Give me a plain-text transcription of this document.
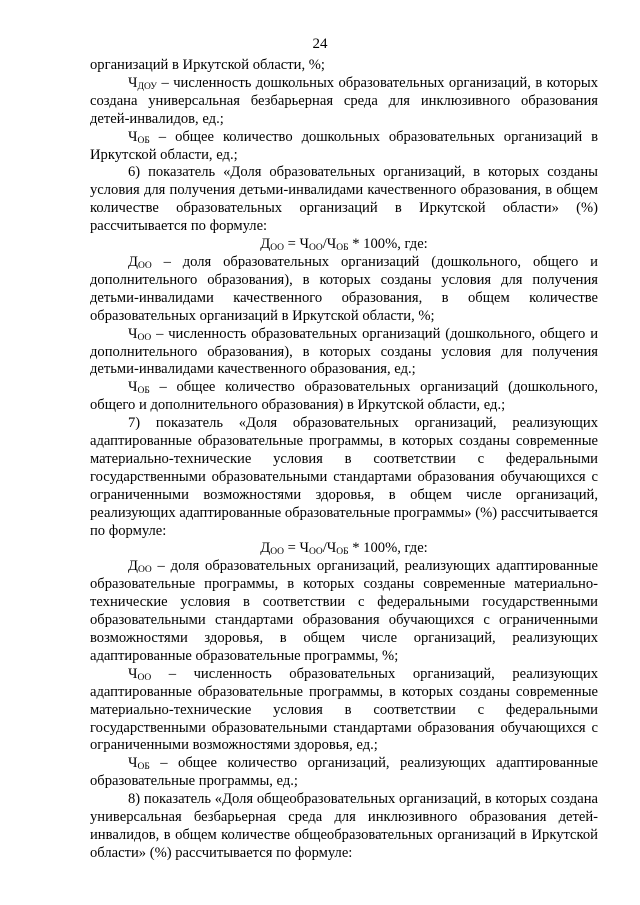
24

организаций в Иркутской области, %;

$Ч_{ДОУ}$ – численность дошкольных образовательных организаций, в которых создана универсальная безбарьерная среда для инклюзивного образования детей-инвалидов, ед.;

$Ч_{ОБ}$ – общее количество дошкольных образовательных организаций в Иркутской области, ед.;

6) показатель «Доля образовательных организаций, в которых созданы условия для получения детьми-инвалидами качественного образования, в общем количестве образовательных организаций в Иркутской области» (%) рассчитывается по формуле:

$Д_{ОО} = Ч_{ОО}/Ч_{ОБ} * 100\%$, где:

$Д_{ОО}$ – доля образовательных организаций (дошкольного, общего и дополнительного образования), в которых созданы условия для получения детьми-инвалидами качественного образования, в общем количестве образовательных организаций в Иркутской области, %;

$Ч_{ОО}$ – численность образовательных организаций (дошкольного, общего и дополнительного образования), в которых созданы условия для получения детьми-инвалидами качественного образования, ед.;

$Ч_{ОБ}$ – общее количество образовательных организаций (дошкольного, общего и дополнительного образования) в Иркутской области, ед.;

7) показатель «Доля образовательных организаций, реализующих адаптированные образовательные программы, в которых созданы современные материально-технические условия в соответствии с федеральными государственными образовательными стандартами образования обучающихся с ограниченными возможностями здоровья, в общем числе организаций, реализующих адаптированные образовательные программы» (%) рассчитывается по формуле:

$Д_{ОО} = Ч_{ОО}/Ч_{ОБ} * 100\%$, где:

$Д_{ОО}$ – доля образовательных организаций, реализующих адаптированные образовательные программы, в которых созданы современные материально-технические условия в соответствии с федеральными государственными образовательными стандартами образования обучающихся с ограниченными возможностями здоровья, в общем числе организаций, реализующих адаптированные образовательные программы, %;

$Ч_{ОО}$ – численность образовательных организаций, реализующих адаптированные образовательные программы, в которых созданы современные материально-технические условия в соответствии с федеральными государственными образовательными стандартами образования обучающихся с ограниченными возможностями здоровья, ед.;

$Ч_{ОБ}$ – общее количество организаций, реализующих адаптированные образовательные программы, ед.;

8) показатель «Доля общеобразовательных организаций, в которых создана универсальная безбарьерная среда для инклюзивного образования детей-инвалидов, в общем количестве общеобразовательных организаций в Иркутской области» (%) рассчитывается по формуле:
